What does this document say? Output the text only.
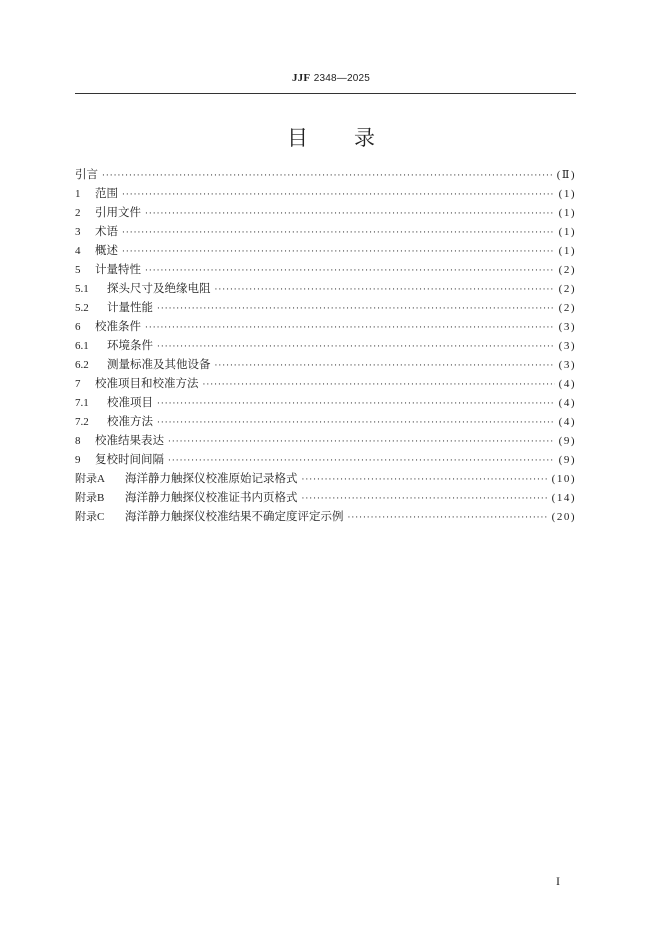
JJF 2348—2025
目录
引言 ·····	(Ⅱ)
1	范围 ·····	(1)
2	引用文件 ·····	(1)
3	术语 ·····	(1)
4	概述 ·····	(1)
5	计量特性 ·····	(2)
5.1	探头尺寸及绝缘电阻 ·····	(2)
5.2	计量性能 ·····	(2)
6	校准条件 ·····	(3)
6.1	环境条件 ·····	(3)
6.2	测量标准及其他设备 ·····	(3)
7	校准项目和校准方法 ·····	(4)
7.1	校准项目 ·····	(4)
7.2	校准方法 ·····	(4)
8	校准结果表达 ·····	(9)
9	复校时间间隔 ·····	(9)
附录A	海洋静力触探仪校准原始记录格式 ·····	(10)
附录B	海洋静力触探仪校准证书内页格式 ·····	(14)
附录C	海洋静力触探仪校准结果不确定度评定示例 ·····	(20)
I
